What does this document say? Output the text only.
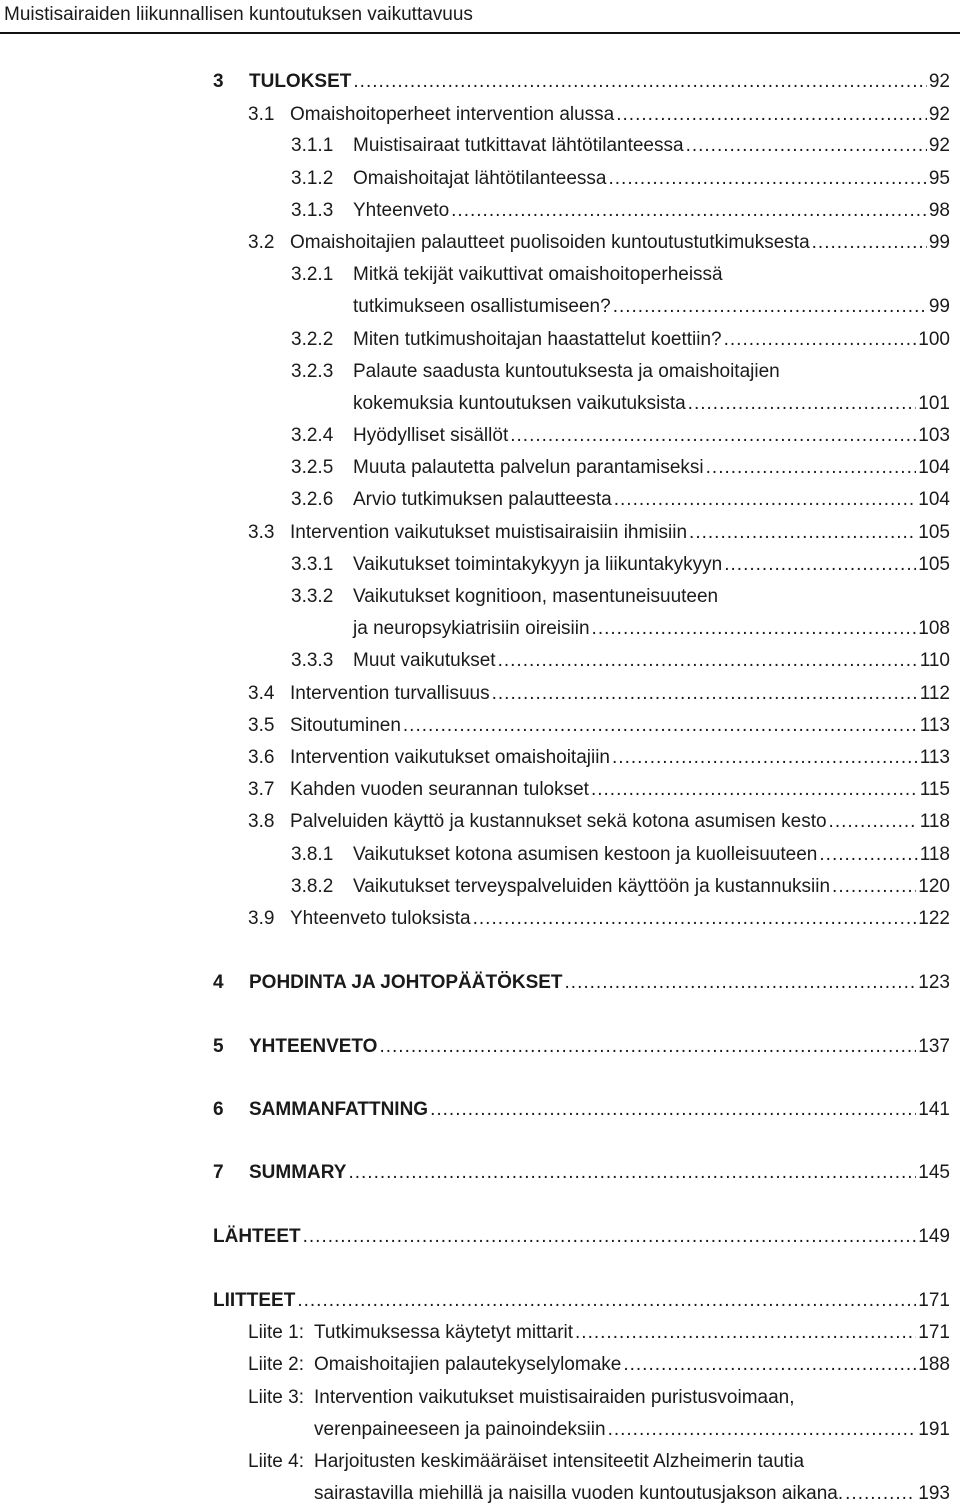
Muistisairaiden liikunnallisen kuntoutuksen vaikuttavuus
3	TULOKSET .....	92
3.1 Omaishoitoperheet intervention alussa .....	92
3.1.1	Muistisairaat tutkittavat lähtötilanteessa .....	92
3.1.2	Omaishoitajat lähtötilanteessa .....	95
3.1.3	Yhteenveto .....	98
3.2 Omaishoitajien palautteet puolisoiden kuntoutustutkimuksesta .....	99
3.2.1 Mitkä tekijät vaikuttivat omaishoitoperheissä
tutkimukseen osallistumiseen? .....	99
3.2.2	Miten tutkimushoitajan haastattelut koettiin? .....	100
3.2.3 Palaute saadusta kuntoutuksesta ja omaishoitajien
kokemuksia kuntoutuksen vaikutuksista .....	101
3.2.4	Hyödylliset sisällöt .....	103
3.2.5	Muuta palautetta palvelun parantamiseksi .....	104
3.2.6	Arvio tutkimuksen palautteesta .....	104
3.3 Intervention vaikutukset muistisairaisiin ihmisiin .....	105
3.3.1	Vaikutukset toimintakykyyn ja liikuntakykyyn .....	105
3.3.2 Vaikutukset kognitioon, masentuneisuuteen
ja neuropsykiatrisiin oireisiin .....	108
3.3.3	Muut vaikutukset .....	110
3.4 Intervention turvallisuus .....	112
3.5 Sitoutuminen .....	113
3.6 Intervention vaikutukset omaishoitajiin .....	113
3.7 Kahden vuoden seurannan tulokset .....	115
3.8 Palveluiden käyttö ja kustannukset sekä kotona asumisen kesto .....	118
3.8.1	Vaikutukset kotona asumisen kestoon ja kuolleisuuteen .....	118
3.8.2	Vaikutukset terveyspalveluiden käyttöön ja kustannuksiin .....	120
3.9 Yhteenveto tuloksista .....	122
4	POHDINTA JA JOHTOPÄÄTÖKSET .....	123
5	YHTEENVETO .....	137
6	SAMMANFATTNING .....	141
7	SUMMARY .....	145
LÄHTEET .....	149
LIITTEET .....	171
Liite 1: Tutkimuksessa käytetyt mittarit .....	171
Liite 2: Omaishoitajien palautekyselylomake .....	188
Liite 3: Intervention vaikutukset muistisairaiden puristusvoimaan,
verenpaineeseen ja painoindeksiin .....	191
Liite 4: Harjoitusten keskimääräiset intensiteetit Alzheimerin tautia
sairastavilla miehillä ja naisilla vuoden kuntoutusjakson aikana. .....	193
